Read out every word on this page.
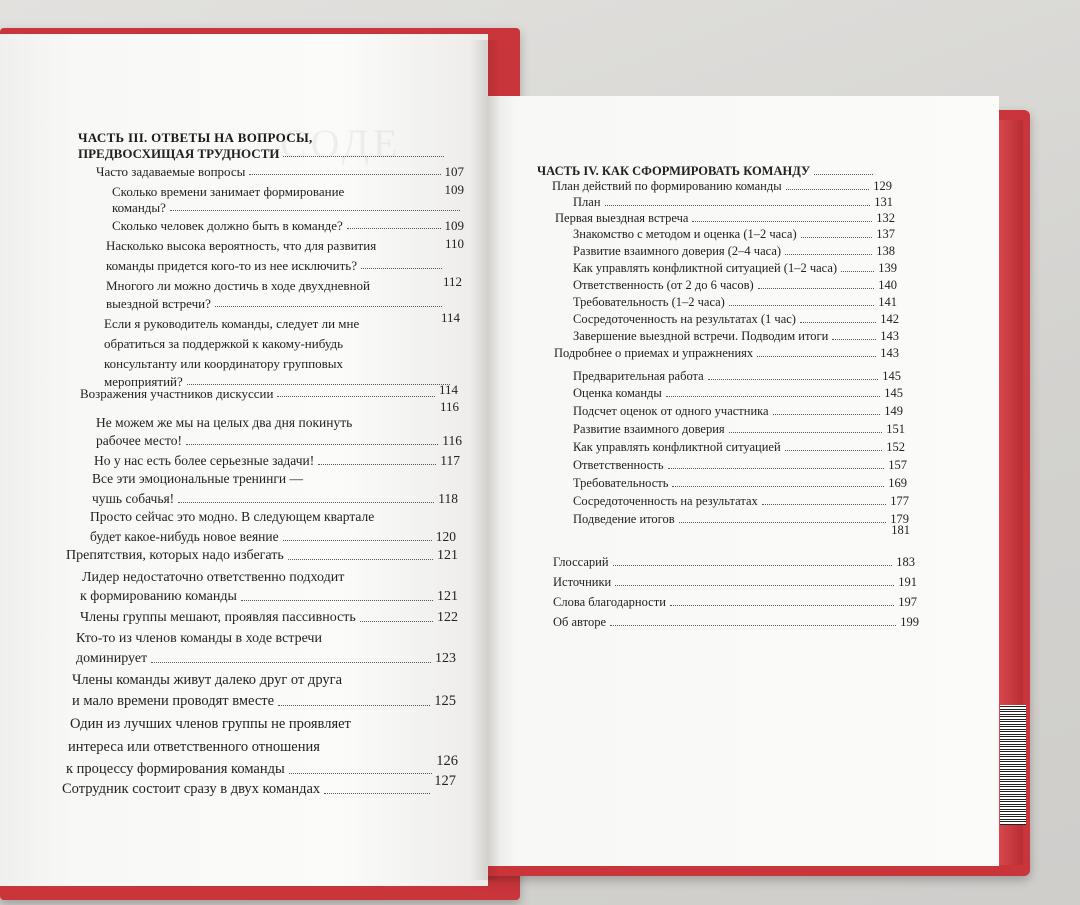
СОДЕ
ЧАСТЬ III. ОТВЕТЫ НА ВОПРОСЫ,
ПРЕДВОСХИЩАЯ ТРУДНОСТИ
Часто задаваемые вопросы	107
Сколько времени занимает формирование	109
команды?
Сколько человек должно быть в команде?	109
Насколько высока вероятность, что для развития	110
команды придется кого-то из нее исключить?
Многого ли можно достичь в ходе двухдневной	112
выездной встречи?
Если я руководитель команды, следует ли мне	114
обратиться за поддержкой к какому-нибудь
консультанту или координатору групповых
мероприятий?
Возражения участников дискуссии	114
116
Не можем же мы на целых два дня покинуть
рабочее место!	116
Но у нас есть более серьезные задачи!	117
Все эти эмоциональные тренинги —
чушь собачья!	118
Просто сейчас это модно. В следующем квартале
будет какое-нибудь новое веяние	120
Препятствия, которых надо избегать	121
Лидер недостаточно ответственно подходит
к формированию команды	121
Члены группы мешают, проявляя пассивность	122
Кто-то из членов команды в ходе встречи
доминирует	123
Члены команды живут далеко друг от друга
и мало времени проводят вместе	125
Один из лучших членов группы не проявляет
интереса или ответственного отношения
к процессу формирования команды	126
Сотрудник состоит сразу в двух командах	127
ЧАСТЬ IV. КАК СФОРМИРОВАТЬ КОМАНДУ
План действий по формированию команды	129
План	131
Первая выездная встреча	132
Знакомство с методом и оценка (1–2 часа)	137
Развитие взаимного доверия (2–4 часа)	138
Как управлять конфликтной ситуацией (1–2 часа)	139
Ответственность (от 2 до 6 часов)	140
Требовательность (1–2 часа)	141
Сосредоточенность на результатах (1 час)	142
Завершение выездной встречи. Подводим итоги	143
Подробнее о приемах и упражнениях	143
Предварительная работа	145
Оценка команды	145
Подсчет оценок от одного участника	149
Развитие взаимного доверия	151
Как управлять конфликтной ситуацией	152
Ответственность	157
Требовательность	169
Сосредоточенность на результатах	177
Подведение итогов	179
181
Глоссарий	183
Источники	191
Слова благодарности	197
Об авторе	199
